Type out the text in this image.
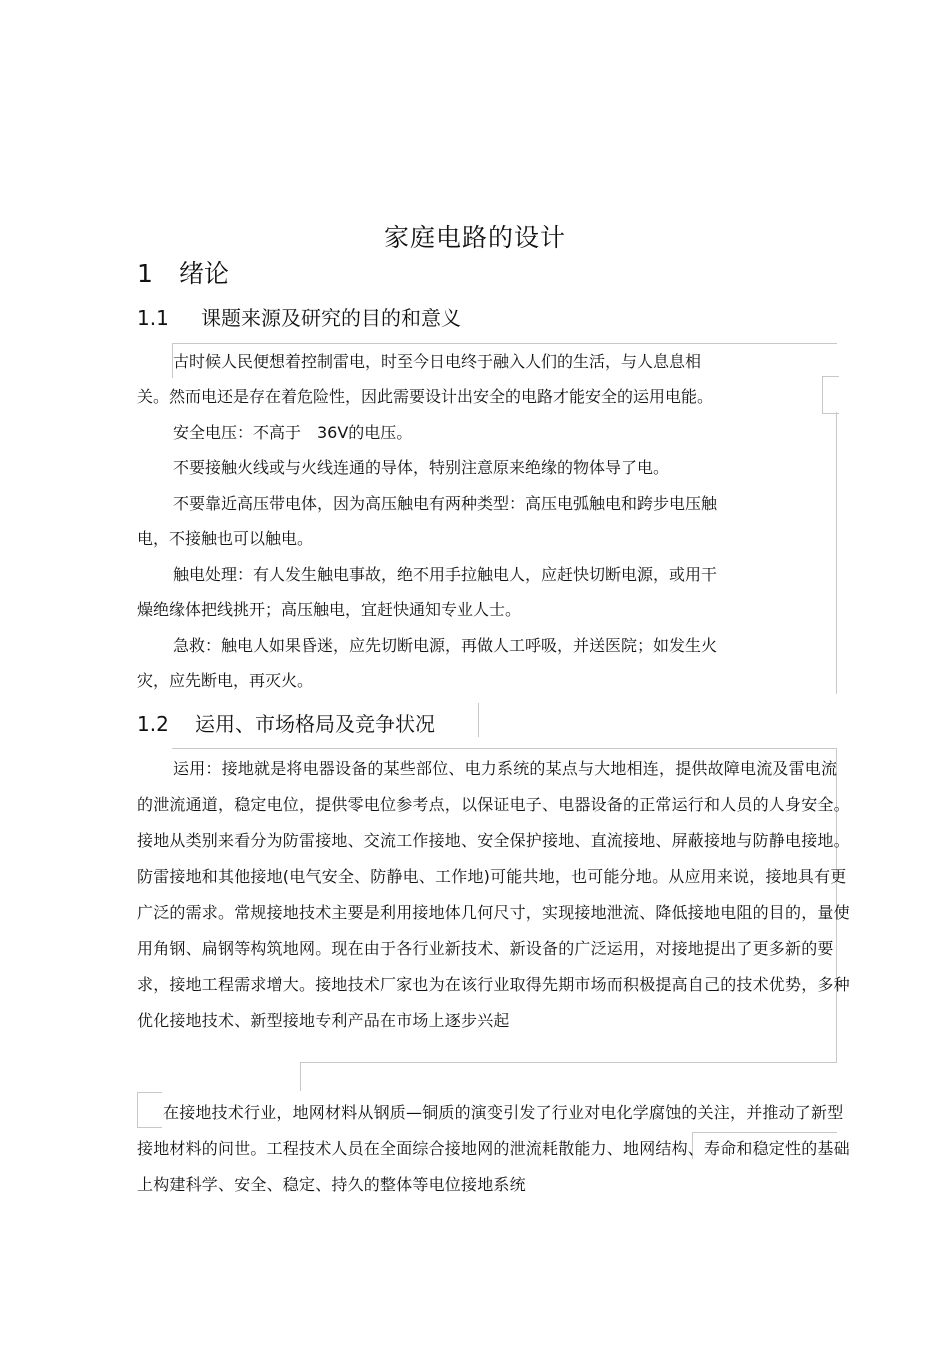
家庭电路的设计
1 绪论
1.1 课题来源及研究的目的和意义
古时候人民便想着控制雷电，时至今日电终于融入人们的生活，与人息息相
关。然而电还是存在着危险性，因此需要设计出安全的电路才能安全的运用电能。
安全电压：不高于　36V的电压。
不要接触火线或与火线连通的导体，特别注意原来绝缘的物体导了电。
不要靠近高压带电体，因为高压触电有两种类型：高压电弧触电和跨步电压触
电，不接触也可以触电。
触电处理：有人发生触电事故，绝不用手拉触电人，应赶快切断电源，或用干
燥绝缘体把线挑开；高压触电，宜赶快通知专业人士。
急救：触电人如果昏迷，应先切断电源，再做人工呼吸，并送医院；如发生火
灾，应先断电，再灭火。
1.2 运用、市场格局及竞争状况
运用：接地就是将电器设备的某些部位、电力系统的某点与大地相连，提供故障电流及雷电流的泄流通道，稳定电位，提供零电位参考点，以保证电子、电器设备的正常运行和人员的人身安全。接地从类别来看分为防雷接地、交流工作接地、安全保护接地、直流接地、屏蔽接地与防静电接地。防雷接地和其他接地(电气安全、防静电、工作地)可能共地，也可能分地。从应用来说，接地具有更广泛的需求。常规接地技术主要是利用接地体几何尺寸，实现接地泄流、降低接地电阻的目的，量使用角钢、扁钢等构筑地网。现在由于各行业新技术、新设备的广泛运用，对接地提出了更多新的要求，接地工程需求增大。接地技术厂家也为在该行业取得先期市场而积极提高自己的技术优势，多种优化接地技术、新型接地专利产品在市场上逐步兴起
在接地技术行业，地网材料从钢质—铜质的演变引发了行业对电化学腐蚀的关注，并推动了新型接地材料的问世。工程技术人员在全面综合接地网的泄流耗散能力、地网结构、寿命和稳定性的基础上构建科学、安全、稳定、持久的整体等电位接地系统
